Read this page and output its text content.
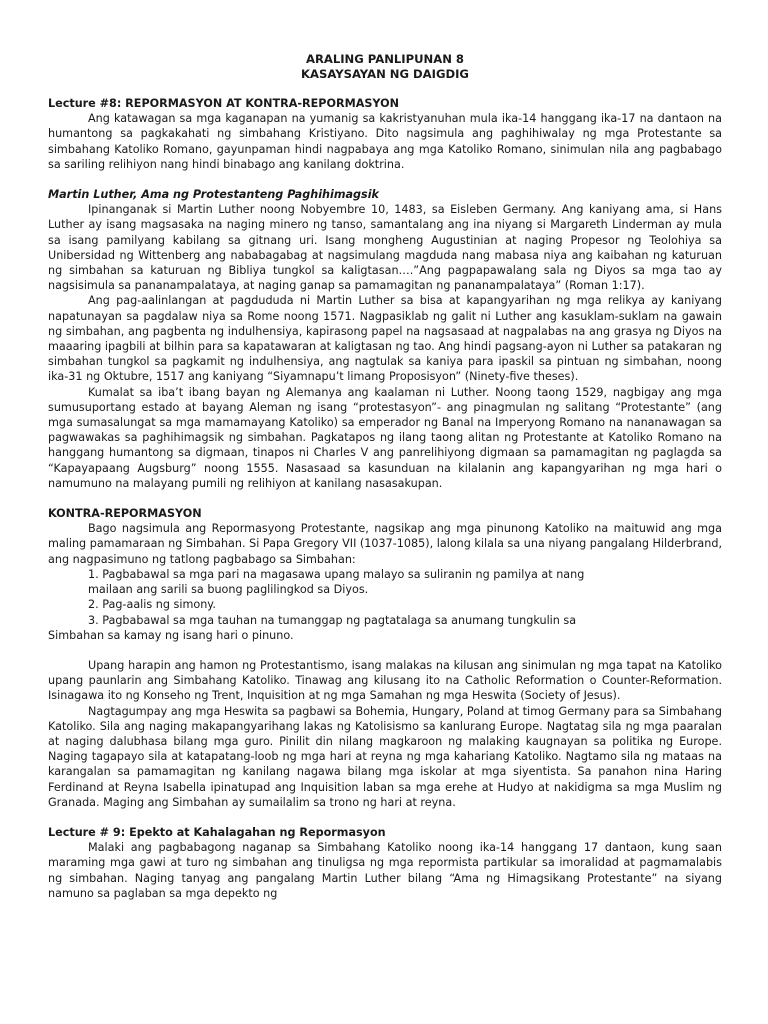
ARALING PANLIPUNAN 8
KASAYSAYAN NG DAIGDIG
Lecture #8: REPORMASYON AT KONTRA-REPORMASYON

Ang katawagan sa mga kaganapan na yumanig sa kakristyanuhan mula ika-14 hanggang ika-17 na dantaon na humantong sa pagkakahati ng simbahang Kristiyano. Dito nagsimula ang paghihiwalay ng mga Protestante sa simbahang Katoliko Romano, gayunpaman hindi nagpabaya ang mga Katoliko Romano, sinimulan nila ang pagbabago sa sariling relihiyon nang hindi binabago ang kanilang doktrina.

Martin Luther, Ama ng Protestanteng Paghihimagsik

Ipinanganak si Martin Luther noong Nobyembre 10, 1483, sa Eisleben Germany. Ang kaniyang ama, si Hans Luther ay isang magsasaka na naging minero ng tanso, samantalang ang ina niyang si Margareth Linderman ay mula sa isang pamilyang kabilang sa gitnang uri. Isang mongheng Augustinian at naging Propesor ng Teolohiya sa Unibersidad ng Wittenberg ang nababagabag at nagsimulang magduda nang mabasa niya ang kaibahan ng katuruan ng simbahan sa katuruan ng Bibliya tungkol sa kaligtasan….”Ang pagpapawalang sala ng Diyos sa mga tao ay nagsisimula sa pananampalataya, at naging ganap sa pamamagitan ng pananampalataya” (Roman 1:17).

Ang pag-aalinlangan at pagdududa ni Martin Luther sa bisa at kapangyarihan ng mga relikya ay kaniyang napatunayan sa pagdalaw niya sa Rome noong 1571. Nagpasiklab ng galit ni Luther ang kasuklam-suklam na gawain ng simbahan, ang pagbenta ng indulhensiya, kapirasong papel na nagsasaad at nagpalabas na ang grasya ng Diyos na maaaring ipagbili at bilhin para sa kapatawaran at kaligtasan ng tao. Ang hindi pagsang-ayon ni Luther sa patakaran ng simbahan tungkol sa pagkamit ng indulhensiya, ang nagtulak sa kaniya para ipaskil sa pintuan ng simbahan, noong ika-31 ng Oktubre, 1517 ang kaniyang “Siyamnapu’t limang Proposisyon” (Ninety-five theses).

Kumalat sa iba’t ibang bayan ng Alemanya ang kaalaman ni Luther. Noong taong 1529, nagbigay ang mga sumusuportang estado at bayang Aleman ng isang “protestasyon”- ang pinagmulan ng salitang “Protestante” (ang mga sumasalungat sa mga mamamayang Katoliko) sa emperador ng Banal na Imperyong Romano na nananawagan sa pagwawakas sa paghihimagsik ng simbahan. Pagkatapos ng ilang taong alitan ng Protestante at Katoliko Romano na hanggang humantong sa digmaan, tinapos ni Charles V ang panrelihiyong digmaan sa pamamagitan ng paglagda sa “Kapayapaang Augsburg” noong 1555. Nasasaad sa kasunduan na kilalanin ang kapangyarihan ng mga hari o namumuno na malayang pumili ng relihiyon at kanilang nasasakupan.

KONTRA-REPORMASYON

Bago nagsimula ang Repormasyong Protestante, nagsikap ang mga pinunong Katoliko na maituwid ang mga maling pamamaraan ng Simbahan. Si Papa Gregory VII (1037-1085), lalong kilala sa una niyang pangalang Hilderbrand, ang nagpasimuno ng tatlong pagbabago sa Simbahan:

1. Pagbabawal sa mga pari na magasawa upang malayo sa suliranin ng pamilya at nang

mailaan ang sarili sa buong paglilingkod sa Diyos.

2. Pag-aalis ng simony.

3. Pagbabawal sa mga tauhan na tumanggap ng pagtatalaga sa anumang tungkulin sa

Simbahan sa kamay ng isang hari o pinuno.

Upang harapin ang hamon ng Protestantismo, isang malakas na kilusan ang sinimulan ng mga tapat na Katoliko upang paunlarin ang Simbahang Katoliko. Tinawag ang kilusang ito na Catholic Reformation o Counter-Reformation. Isinagawa ito ng Konseho ng Trent, Inquisition at ng mga Samahan ng mga Heswita (Society of Jesus).

Nagtagumpay ang mga Heswita sa pagbawi sa Bohemia, Hungary, Poland at timog Germany para sa Simbahang Katoliko. Sila ang naging makapangyarihang lakas ng Katolisismo sa kanlurang Europe. Nagtatag sila ng mga paaralan at naging dalubhasa bilang mga guro. Pinilit din nilang magkaroon ng malaking kaugnayan sa politika ng Europe. Naging tagapayo sila at katapatang-loob ng mga hari at reyna ng mga kahariang Katoliko. Nagtamo sila ng mataas na karangalan sa pamamagitan ng kanilang nagawa bilang mga iskolar at mga siyentista. Sa panahon nina Haring Ferdinand at Reyna Isabella ipinatupad ang Inquisition laban sa mga erehe at Hudyo at nakidigma sa mga Muslim ng Granada. Maging ang Simbahan ay sumailalim sa trono ng hari at reyna.

Lecture # 9: Epekto at Kahalagahan ng Repormasyon

Malaki ang pagbabagong naganap sa Simbahang Katoliko noong ika-14 hanggang 17 dantaon, kung saan maraming mga gawi at turo ng simbahan ang tinuligsa ng mga repormista partikular sa imoralidad at pagmamalabis ng simbahan. Naging tanyag ang pangalang Martin Luther bilang “Ama ng Himagsikang Protestante” na siyang namuno sa paglaban sa mga depekto ng
